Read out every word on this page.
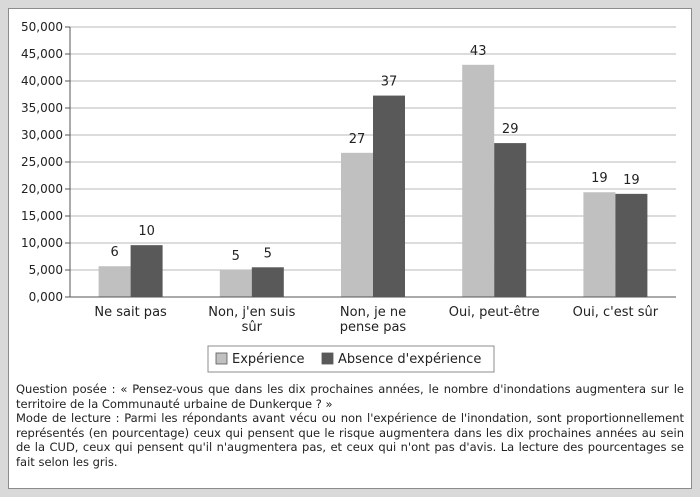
0,000
5,000
10,000
15,000
20,000
25,000
30,000
35,000
40,000
45,000
50,000
6
10
5 5
27
37
43
29
19 19
Ne sait pas	Non, j'en suis
sûr
Non, je ne
pense pas
Oui, peut-être	Oui, c'est sûr
Expérience	Absence d'expérience

Question posée : « Pensez-vous que dans les dix prochaines années, le nombre d'inondations augmentera sur le territoire de la Communauté urbaine de Dunkerque ? »

Mode de lecture : Parmi les répondants avant vécu ou non l'expérience de l'inondation, sont proportionnellement représentés (en pourcentage) ceux qui pensent que le risque augmentera dans les dix prochaines années au sein de la CUD, ceux qui pensent qu'il n'augmentera pas, et ceux qui n'ont pas d'avis. La lecture des pourcentages se fait selon les gris.
